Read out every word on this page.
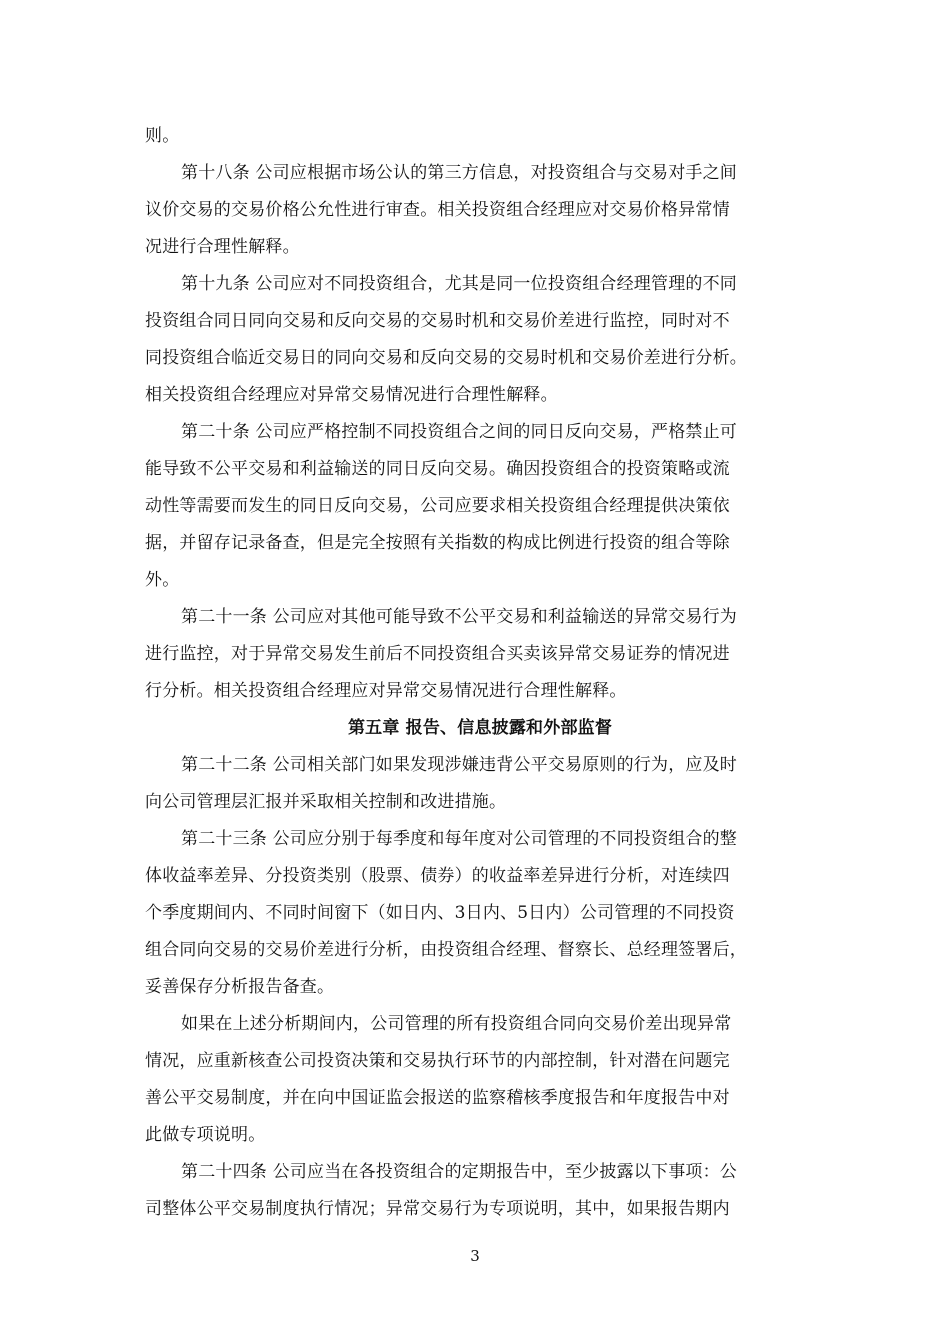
则。
第十八条 公司应根据市场公认的第三方信息，对投资组合与交易对手之间
议价交易的交易价格公允性进行审查。相关投资组合经理应对交易价格异常情
况进行合理性解释。
第十九条 公司应对不同投资组合，尤其是同一位投资组合经理管理的不同
投资组合同日同向交易和反向交易的交易时机和交易价差进行监控，同时对不
同投资组合临近交易日的同向交易和反向交易的交易时机和交易价差进行分析。
相关投资组合经理应对异常交易情况进行合理性解释。
第二十条 公司应严格控制不同投资组合之间的同日反向交易，严格禁止可
能导致不公平交易和利益输送的同日反向交易。确因投资组合的投资策略或流
动性等需要而发生的同日反向交易，公司应要求相关投资组合经理提供决策依
据，并留存记录备查，但是完全按照有关指数的构成比例进行投资的组合等除
外。
第二十一条 公司应对其他可能导致不公平交易和利益输送的异常交易行为
进行监控，对于异常交易发生前后不同投资组合买卖该异常交易证券的情况进
行分析。相关投资组合经理应对异常交易情况进行合理性解释。
第五章 报告、信息披露和外部监督
第二十二条 公司相关部门如果发现涉嫌违背公平交易原则的行为，应及时
向公司管理层汇报并采取相关控制和改进措施。
第二十三条 公司应分别于每季度和每年度对公司管理的不同投资组合的整
体收益率差异、分投资类别（股票、债券）的收益率差异进行分析，对连续四
个季度期间内、不同时间窗下（如日内、3日内、5日内）公司管理的不同投资
组合同向交易的交易价差进行分析，由投资组合经理、督察长、总经理签署后，
妥善保存分析报告备查。
如果在上述分析期间内，公司管理的所有投资组合同向交易价差出现异常
情况，应重新核查公司投资决策和交易执行环节的内部控制，针对潜在问题完
善公平交易制度，并在向中国证监会报送的监察稽核季度报告和年度报告中对
此做专项说明。
第二十四条 公司应当在各投资组合的定期报告中，至少披露以下事项：公
司整体公平交易制度执行情况；异常交易行为专项说明，其中，如果报告期内
3
